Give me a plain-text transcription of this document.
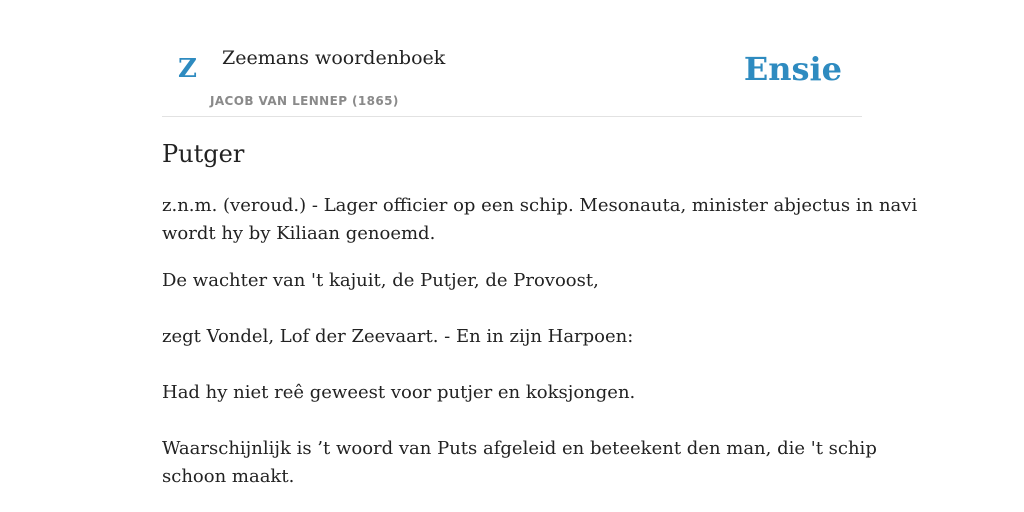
Z Zeemans woordenboek
JACOB VAN LENNEP (1865)
Ensie
Putger

z.n.m. (veroud.) - Lager officier op een schip. Mesonauta, minister abjectus in navi

wordt hy by Kiliaan genoemd.

De wachter van 't kajuit, de Putjer, de Provoost,

zegt Vondel, Lof der Zeevaart. - En in zijn Harpoen:

Had hy niet reê geweest voor putjer en koksjongen.

Waarschijnlijk is ’t woord van Puts afgeleid en beteekent den man, die 't schip

schoon maakt.
